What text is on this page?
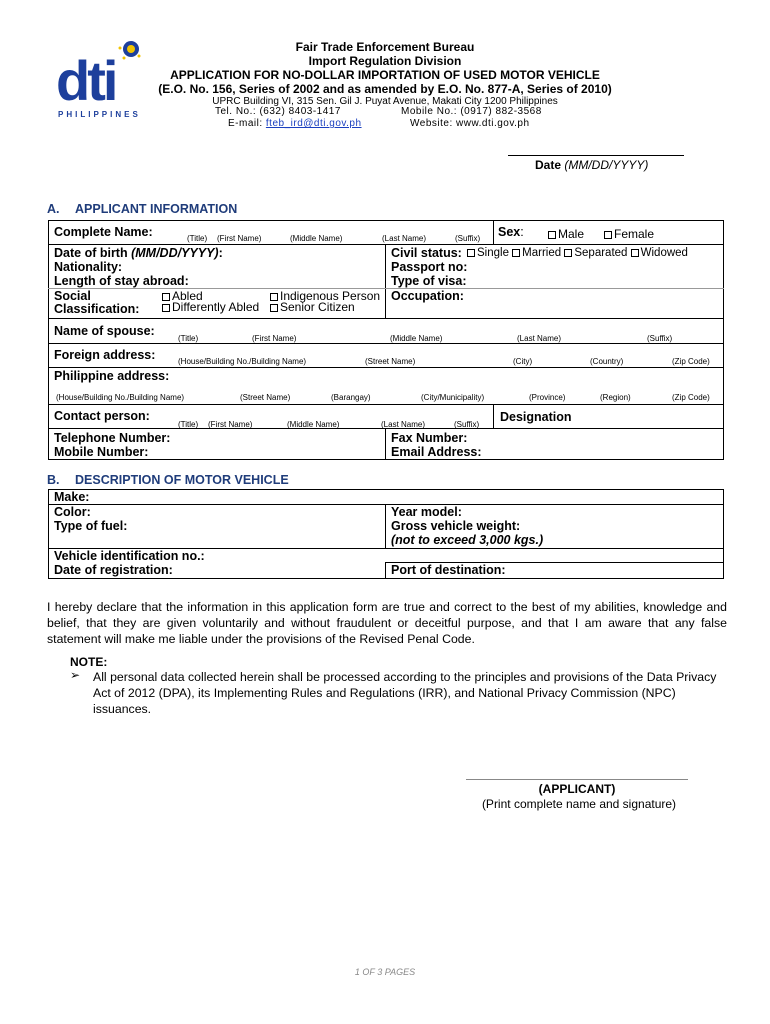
dti
PHILIPPINES
Fair Trade Enforcement Bureau
Import Regulation Division
APPLICATION FOR NO-DOLLAR IMPORTATION OF USED MOTOR VEHICLE
(E.O. No. 156, Series of 2002 and as amended by E.O. No. 877-A, Series of 2010)
UPRC Building VI, 315 Sen. Gil J. Puyat Avenue, Makati City 1200 Philippines
Tel. No.: (632) 8403-1417	Mobile No.: (0917) 882-3568
E-mail: fteb_ird@dti.gov.ph	Website: www.dti.gov.ph
Date (MM/DD/YYYY)
A. APPLICANT INFORMATION
Complete Name:	(Title) (First Name)	(Middle Name)	(Last Name)	(Suffix) Sex:	Male	Female
Date of birth (MM/DD/YYYY):	Civil status:	Single Married Separated Widowed
Nationality:	Passport no:
Length of stay abroad:	Type of visa:
Social
Classification:
Abled	Indigenous Person
Differently Abled	Senior Citizen
Occupation:
Name of spouse:
(Title)	(First Name)	(Middle Name)	(Last Name)	(Suffix)
Foreign address:	(House/Building No./Building Name)	(Street Name)	(City)	(Country)	(Zip Code)
Philippine address:
(House/Building No./Building Name)	(Street Name)	(Barangay)	(City/Municipality)	(Province)	(Region)	(Zip Code)
Contact person:
(Title) (First Name)	(Middle Name)	(Last Name)	(Suffix)
Designation
Telephone Number:	Fax Number:
Mobile Number:	Email Address:
B. DESCRIPTION OF MOTOR VEHICLE
Make:
Color:	Year model:
Type of fuel:	Gross vehicle weight:
(not to exceed 3,000 kgs.)
Vehicle identification no.:
Date of registration:	Port of destination:
I hereby declare that the information in this application form are true and correct to the best of my abilities, knowledge and belief, that they are given voluntarily and without fraudulent or deceitful purpose, and that I am aware that any false statement will make me liable under the provisions of the Revised Penal Code.
NOTE:
➢ All personal data collected herein shall be processed according to the principles and provisions of the Data Privacy Act of 2012 (DPA), its Implementing Rules and Regulations (IRR), and National Privacy Commission (NPC) issuances.
(APPLICANT)
(Print complete name and signature)
1 OF 3 PAGES
